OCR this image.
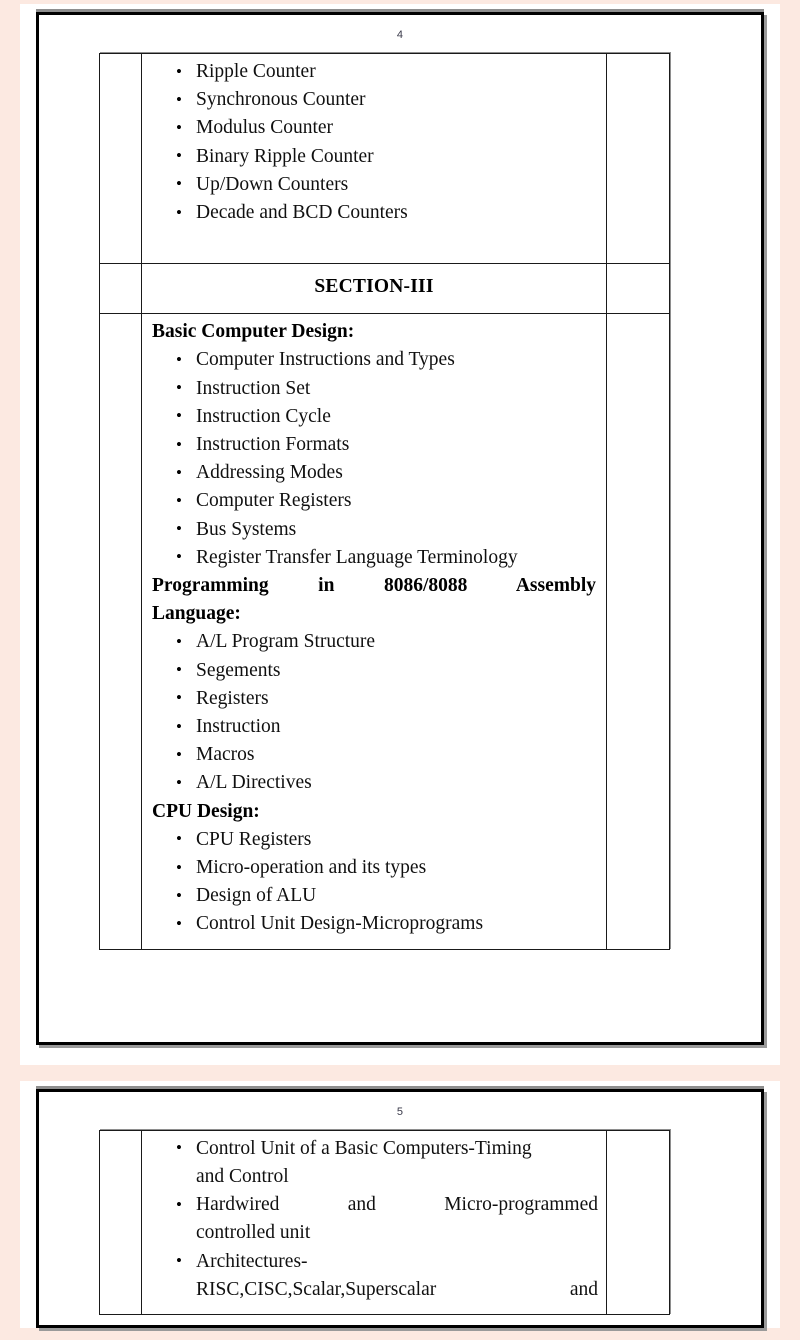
4

• Ripple Counter
• Synchronous Counter
• Modulus Counter
• Binary Ripple Counter
• Up/Down Counters
• Decade and BCD Counters

	SECTION-III	

Basic Computer Design:
• Computer Instructions and Types
• Instruction Set
• Instruction Cycle
• Instruction Formats
• Addressing Modes
• Computer Registers
• Bus Systems
• Register Transfer Language Terminology
Programming in 8086/8088 Assembly
Language:
• A/L Program Structure
• Segements
• Registers
• Instruction
• Macros
• A/L Directives
CPU Design:
• CPU Registers
• Micro-operation and its types
• Design of ALU
• Control Unit Design-Microprograms

5

• Control Unit of a Basic Computers-Timing
and Control
• Hardwired and Micro-programmed
controlled unit
• Architectures-
RISC,CISC,Scalar,Superscalar and
